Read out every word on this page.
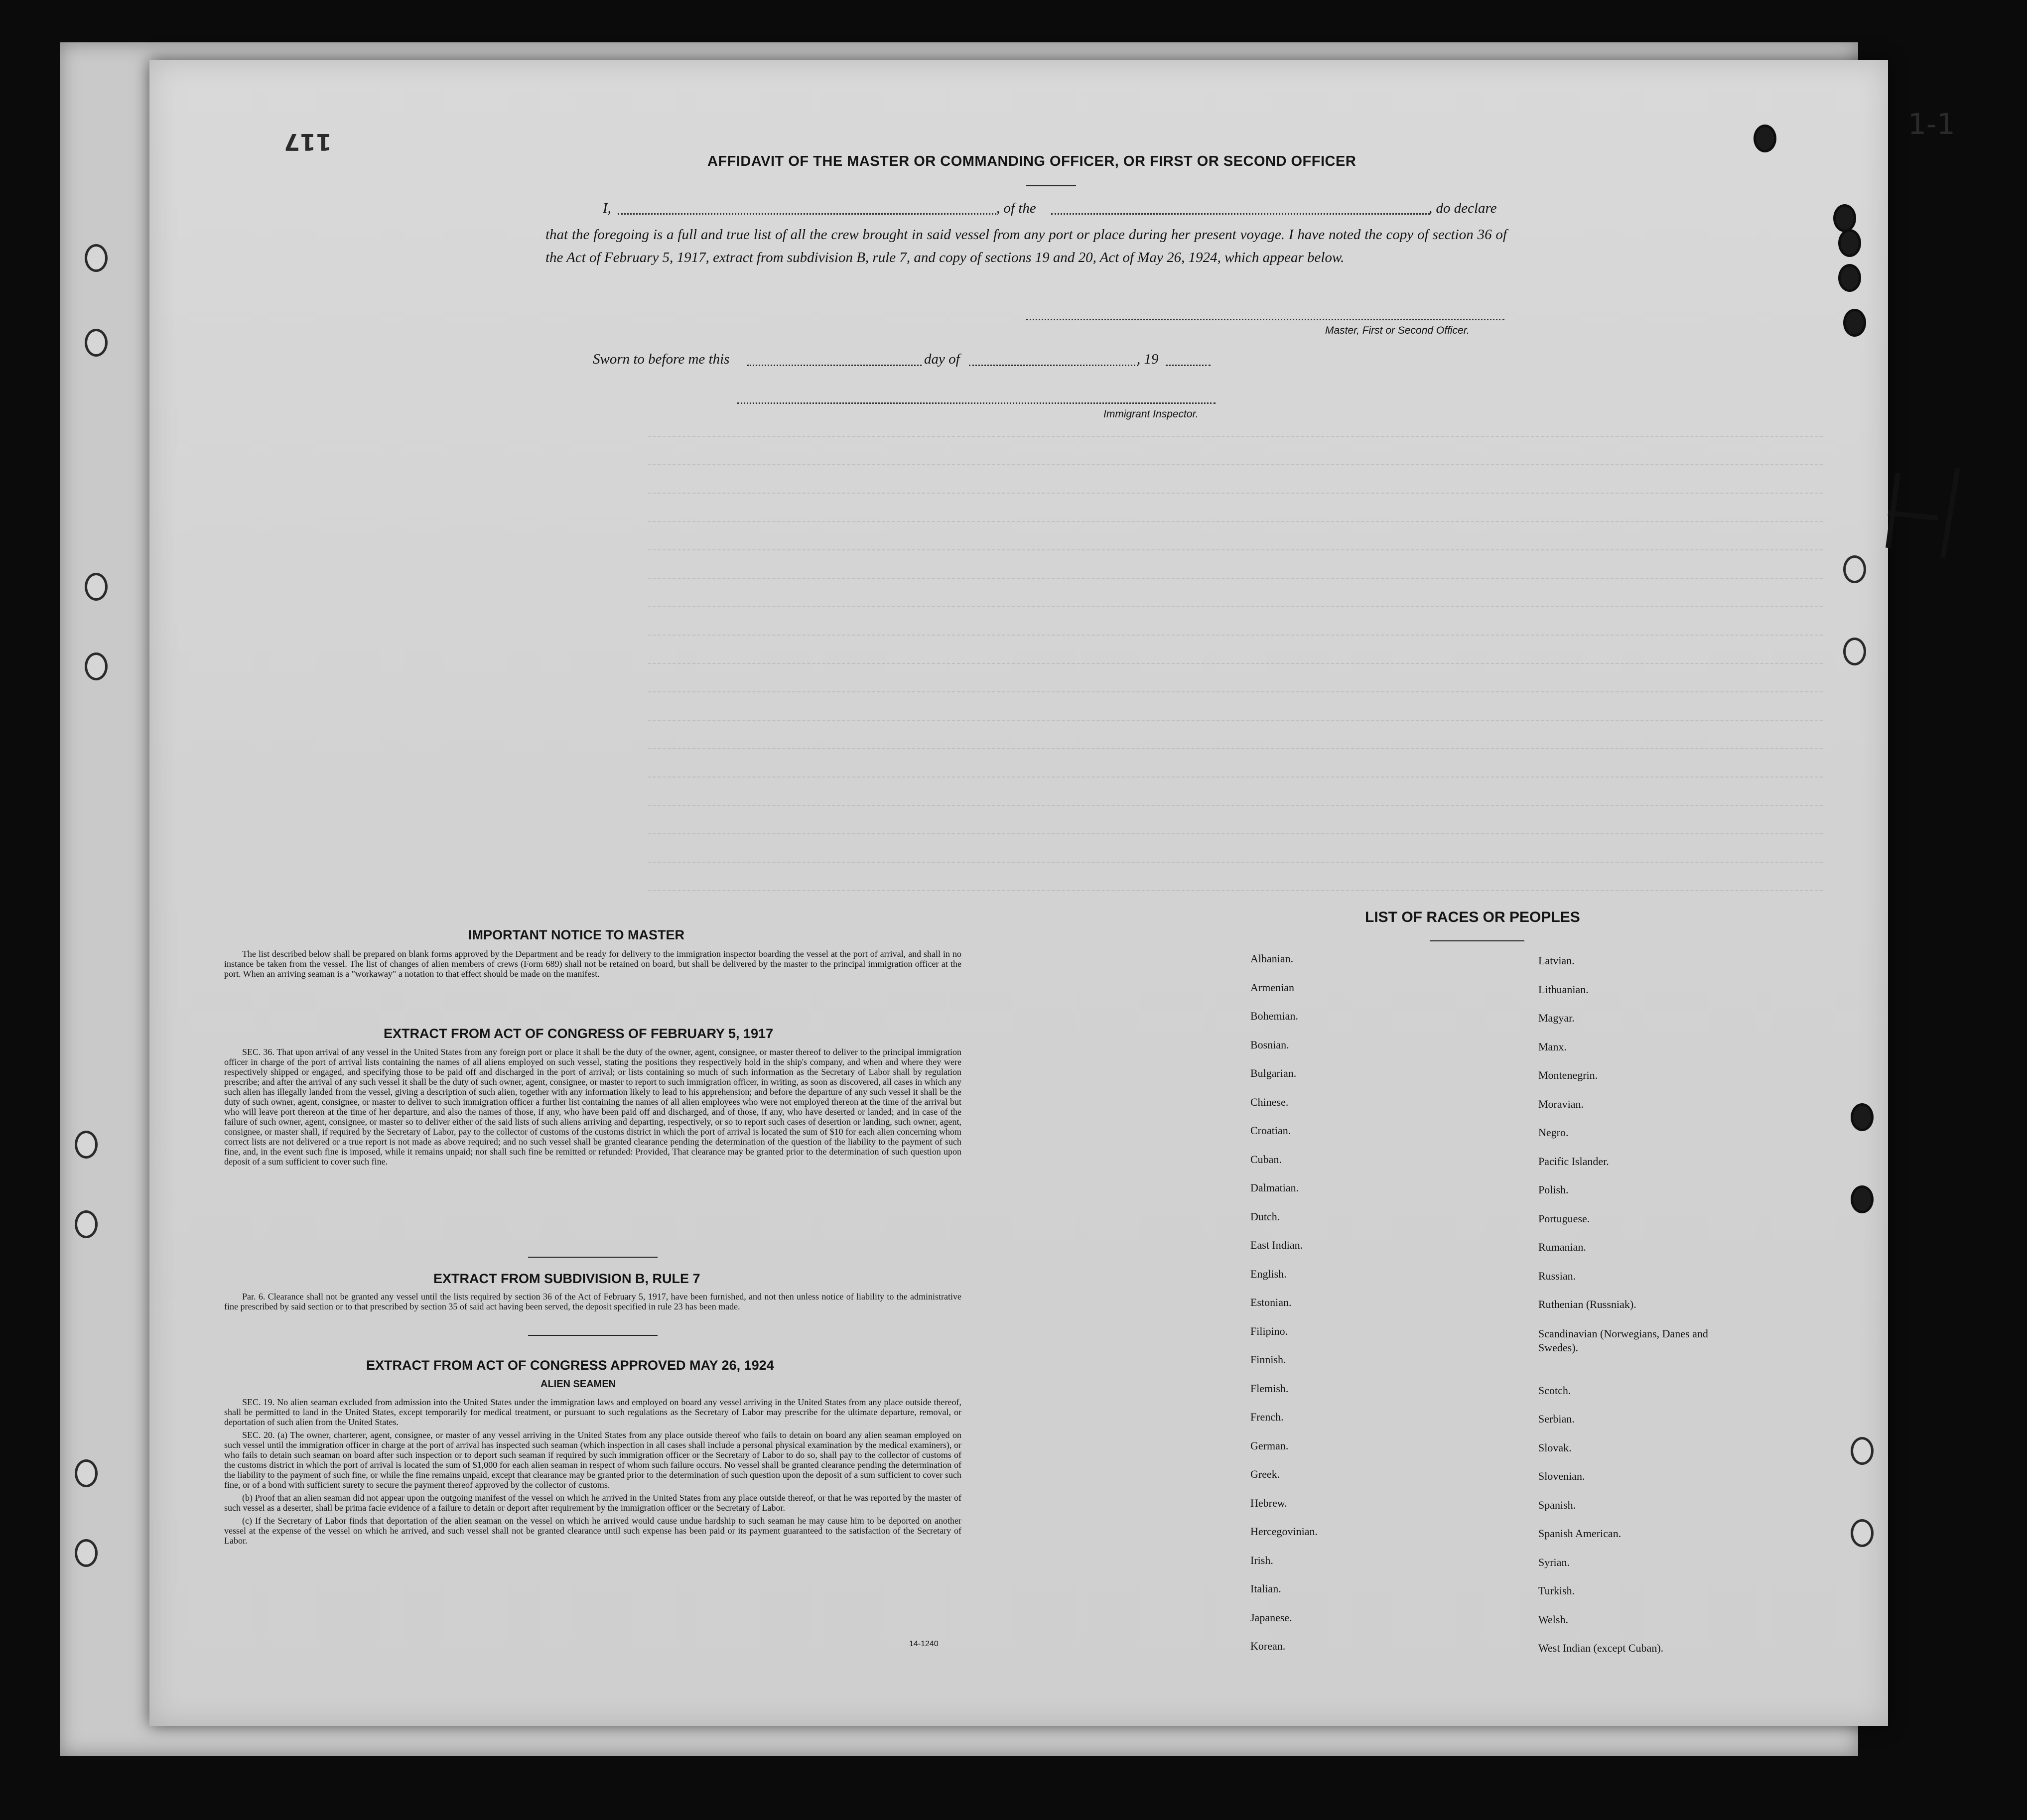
117
1-1
AFFIDAVIT OF THE MASTER OR COMMANDING OFFICER, OR FIRST OR SECOND OFFICER
I,	, of the	, do declare
that the foregoing is a full and true list of all the crew brought in said vessel from any port or place during her present voyage. I have noted the copy of section 36 of the Act of February 5, 1917, extract from subdivision B, rule 7, and copy of sections 19 and 20, Act of May 26, 1924, which appear below.
Master, First or Second Officer.
Sworn to before me this	day of	, 19
Immigrant Inspector.
IMPORTANT NOTICE TO MASTER

The list described below shall be prepared on blank forms approved by the Department and be ready for delivery to the immigration inspector boarding the vessel at the port of arrival, and shall in no instance be taken from the vessel. The list of changes of alien members of crews (Form 689) shall not be retained on board, but shall be delivered by the master to the principal immigration officer at the port. When an arriving seaman is a "workaway" a notation to that effect should be made on the manifest.

EXTRACT FROM ACT OF CONGRESS OF FEBRUARY 5, 1917

SEC. 36. That upon arrival of any vessel in the United States from any foreign port or place it shall be the duty of the owner, agent, consignee, or master thereof to deliver to the principal immigration officer in charge of the port of arrival lists containing the names of all aliens employed on such vessel, stating the positions they respectively hold in the ship's company, and when and where they were respectively shipped or engaged, and specifying those to be paid off and discharged in the port of arrival; or lists containing so much of such information as the Secretary of Labor shall by regulation prescribe; and after the arrival of any such vessel it shall be the duty of such owner, agent, consignee, or master to report to such immigration officer, in writing, as soon as discovered, all cases in which any such alien has illegally landed from the vessel, giving a description of such alien, together with any information likely to lead to his apprehension; and before the departure of any such vessel it shall be the duty of such owner, agent, consignee, or master to deliver to such immigration officer a further list containing the names of all alien employees who were not employed thereon at the time of the arrival but who will leave port thereon at the time of her departure, and also the names of those, if any, who have been paid off and discharged, and of those, if any, who have deserted or landed; and in case of the failure of such owner, agent, consignee, or master so to deliver either of the said lists of such aliens arriving and departing, respectively, or so to report such cases of desertion or landing, such owner, agent, consignee, or master shall, if required by the Secretary of Labor, pay to the collector of customs of the customs district in which the port of arrival is located the sum of $10 for each alien concerning whom correct lists are not delivered or a true report is not made as above required; and no such vessel shall be granted clearance pending the determination of the question of the liability to the payment of such fine, and, in the event such fine is imposed, while it remains unpaid; nor shall such fine be remitted or refunded: Provided, That clearance may be granted prior to the determination of such question upon deposit of a sum sufficient to cover such fine.

EXTRACT FROM SUBDIVISION B, RULE 7

Par. 6. Clearance shall not be granted any vessel until the lists required by section 36 of the Act of February 5, 1917, have been furnished, and not then unless notice of liability to the administrative fine prescribed by said section or to that prescribed by section 35 of said act having been served, the deposit specified in rule 23 has been made.

EXTRACT FROM ACT OF CONGRESS APPROVED MAY 26, 1924
ALIEN SEAMEN

SEC. 19. No alien seaman excluded from admission into the United States under the immigration laws and employed on board any vessel arriving in the United States from any place outside thereof, shall be permitted to land in the United States, except temporarily for medical treatment, or pursuant to such regulations as the Secretary of Labor may prescribe for the ultimate departure, removal, or deportation of such alien from the United States.

SEC. 20. (a) The owner, charterer, agent, consignee, or master of any vessel arriving in the United States from any place outside thereof who fails to detain on board any alien seaman employed on such vessel until the immigration officer in charge at the port of arrival has inspected such seaman (which inspection in all cases shall include a personal physical examination by the medical examiners), or who fails to detain such seaman on board after such inspection or to deport such seaman if required by such immigration officer or the Secretary of Labor to do so, shall pay to the collector of customs of the customs district in which the port of arrival is located the sum of $1,000 for each alien seaman in respect of whom such failure occurs. No vessel shall be granted clearance pending the determination of the liability to the payment of such fine, or while the fine remains unpaid, except that clearance may be granted prior to the determination of such question upon the deposit of a sum sufficient to cover such fine, or of a bond with sufficient surety to secure the payment thereof approved by the collector of customs.

(b) Proof that an alien seaman did not appear upon the outgoing manifest of the vessel on which he arrived in the United States from any place outside thereof, or that he was reported by the master of such vessel as a deserter, shall be prima facie evidence of a failure to detain or deport after requirement by the immigration officer or the Secretary of Labor.

(c) If the Secretary of Labor finds that deportation of the alien seaman on the vessel on which he arrived would cause undue hardship to such seaman he may cause him to be deported on another vessel at the expense of the vessel on which he arrived, and such vessel shall not be granted clearance until such expense has been paid or its payment guaranteed to the satisfaction of the Secretary of Labor.

14-1240
LIST OF RACES OR PEOPLES
Albanian.
Armenian
Bohemian.
Bosnian.
Bulgarian.
Chinese.
Croatian.
Cuban.
Dalmatian.
Dutch.
East Indian.
English.
Estonian.
Filipino.
Finnish.
Flemish.
French.
German.
Greek.
Hebrew.
Hercegovinian.
Irish.
Italian.
Japanese.
Korean.
Latvian.
Lithuanian.
Magyar.
Manx.
Montenegrin.
Moravian.
Negro.
Pacific Islander.
Polish.
Portuguese.
Rumanian.
Russian.
Ruthenian (Russniak).
Scandinavian (Norwegians, Danes and Swedes).
Scotch.
Serbian.
Slovak.
Slovenian.
Spanish.
Spanish American.
Syrian.
Turkish.
Welsh.
West Indian (except Cuban).
